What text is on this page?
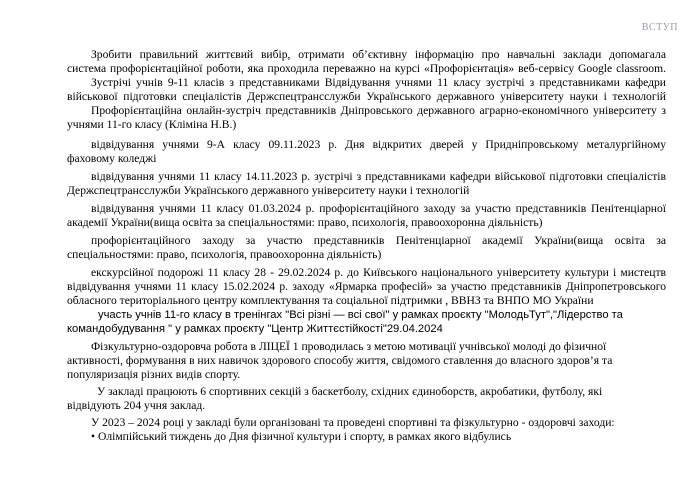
ВСТУП

Зробити правильний життєвий вибір, отримати об’єктивну інформацію про навчальні заклади допомагала

система профорієнтаційної роботи, яка проходила переважно на курсі «Профорієнтація» веб-сервісу Google classroom.

Зустрічі учнів 9-11 класів з представниками Відвідування учнями 11 класу зустрічі з представниками кафедри

військової підготовки спеціалістів Держспецтрансслужби Українського державного університету науки і технологій

Профорієнтаційна онлайн-зустріч представників Дніпровського державного аграрно-економічного університету з

учнями 11-го класу (Клімiна Н.В.)

відвідування учнями 9-А класу 09.11.2023 р. Дня відкритих дверей у Придніпровському металургійному

фаховому коледжі

відвідування учнями 11 класу 14.11.2023 р. зустрічі з представниками кафедри військової підготовки спеціалістів

Держспецтрансслужби Українського державного університету науки і технологій

відвідування учнями 11 класу 01.03.2024 р. профорієнтаційного заходу за участю представників Пенітенціарної

академії України(вища освіта за спеціальностями: право, психологія, правоохоронна діяльність)

профорієнтаційного заходу за участю представників Пенітенціарної академії України(вища освіта за

спеціальностями: право, психологія, правоохоронна діяльність)

екскурсійної подорожі 11 класу 28 - 29.02.2024 р. до Київського національного університету культури і мистецтв

відвідування учнями 11 класу 15.02.2024 р. заходу «Ярмарка професій» за участю представників Дніпропетровського

обласного територіального центру комплектування та соціальної підтримки , ВВНЗ та ВНПО МО України

участь учнів 11-го класу в тренінгах "Всі різні — всі свої" у рамках проєкту "МолодьТут","Лідерство та

командобудування " у рамках проєкту "Центр Життєстійкості"29.04.2024

Фізкультурно-оздоровча робота в ЛІЦЕЇ 1 проводилась з метою мотивації учнівської молоді до фізичної

активності, формування в них навичок здорового способу життя, свідомого ставлення до власного здоров’я та

популяризація різних видів спорту.

У закладі працюють 6 спортивних секцій з баскетболу, східних єдиноборств, акробатики, футболу, які

відвідують 204 учня заклад.

У 2023 – 2024 році у закладі були організовані та проведені спортивні та фізкультурно - оздоровчі заходи:

• Олімпійський тиждень до Дня фізичної культури і спорту, в рамках якого відбулись
